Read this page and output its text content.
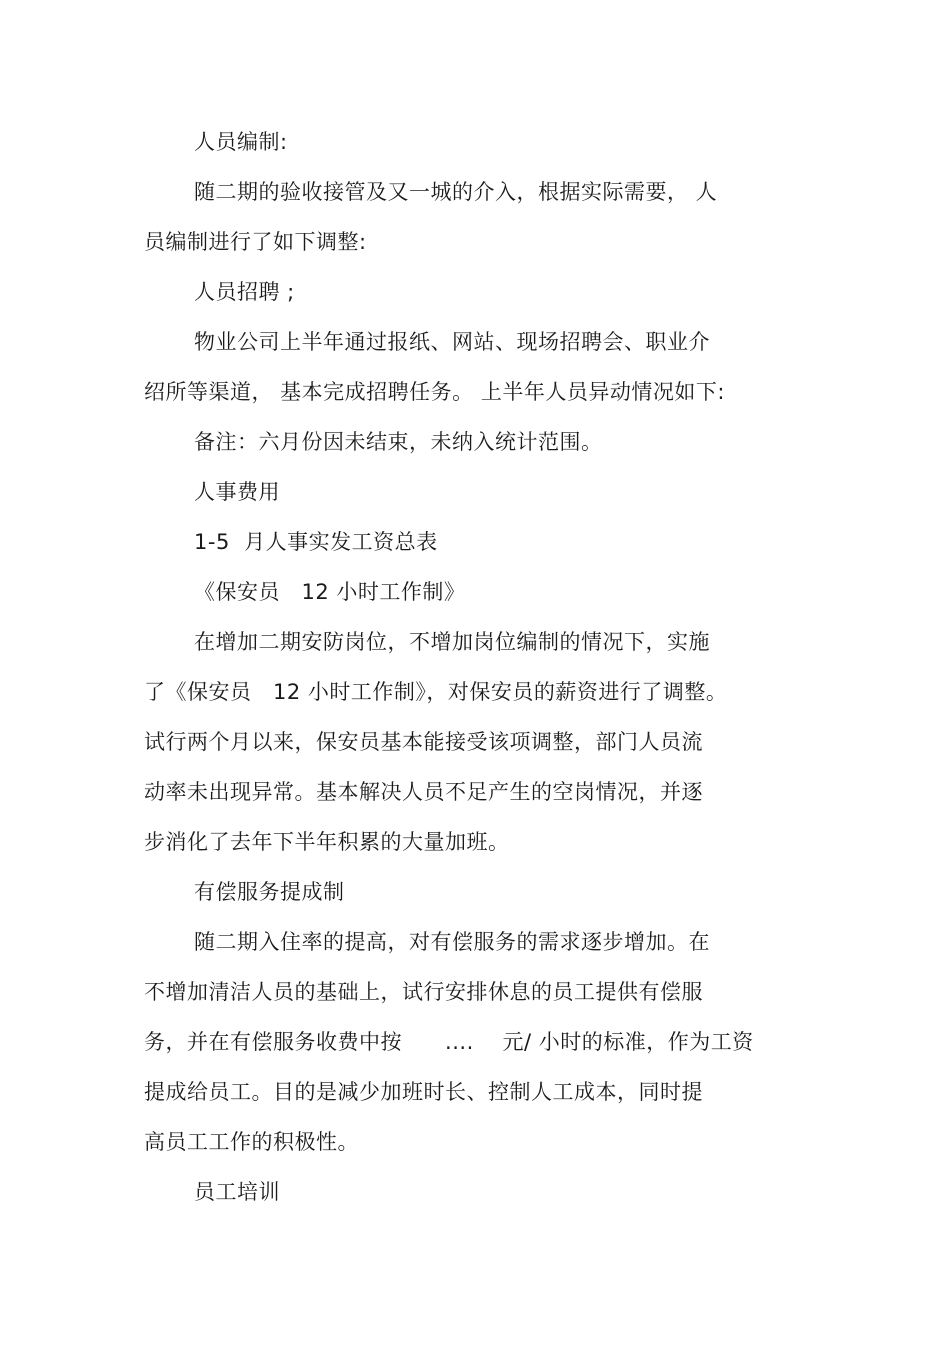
人员编制:
随二期的验收接管及又一城的介入，根据实际需要， 人
员编制进行了如下调整:
人员招聘 ;
物业公司上半年通过报纸、网站、现场招聘会、职业介
绍所等渠道， 基本完成招聘任务。 上半年人员异动情况如下:
备注：六月份因未结束，未纳入统计范围。
人事费用
1-5  月人事实发工资总表
《保安员   12 小时工作制》
在增加二期安防岗位，不增加岗位编制的情况下，实施
了《保安员   12 小时工作制》，对保安员的薪资进行了调整。
试行两个月以来，保安员基本能接受该项调整，部门人员流
动率未出现异常。基本解决人员不足产生的空岗情况，并逐
步消化了去年下半年积累的大量加班。
有偿服务提成制
随二期入住率的提高，对有偿服务的需求逐步增加。在
不增加清洁人员的基础上，试行安排休息的员工提供有偿服
务，并在有偿服务收费中按      ....    元/ 小时的标准，作为工资
提成给员工。目的是减少加班时长、控制人工成本，同时提
高员工工作的积极性。
员工培训
